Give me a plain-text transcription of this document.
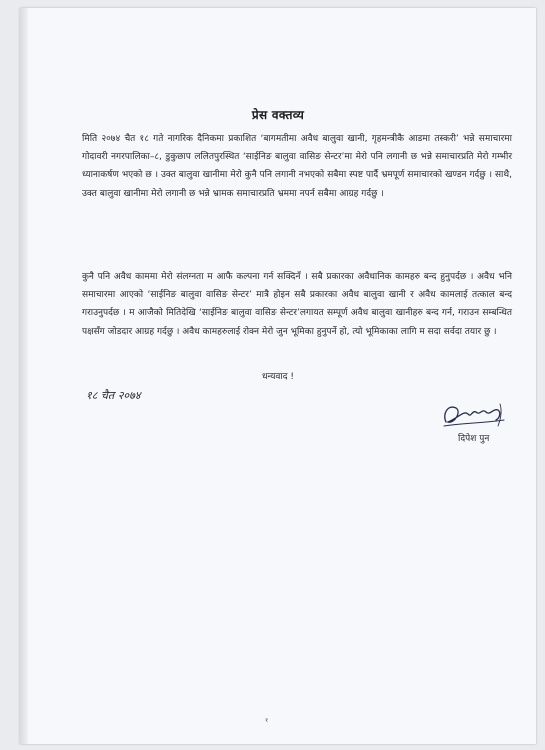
प्रेस वक्तव्य

मिति २०७४ चैत १८ गते नागरिक दैनिकमा प्रकाशित ‘बागमतीमा अवैध बालुवा खानी, गृहमन्त्रीकै आडमा तस्करी’ भन्ने समाचारमा गोदावरी नगरपालिका–८, डुकुछाप ललितपुरस्थित ‘साईनिङ बालुवा वासिङ सेन्टर’मा मेरो पनि लगानी छ भन्ने समाचारप्रति मेरो गम्भीर ध्यानाकर्षण भएको छ । उक्त बालुवा खानीमा मेरो कुनै पनि लगानी नभएको सबैमा स्पष्ट पार्दै भ्रमपूर्ण समाचारको खण्डन गर्दछु । साथै, उक्त बालुवा खानीमा मेरो लगानी छ भन्ने भ्रामक समाचारप्रति भ्रममा नपर्न सबैमा आग्रह गर्दछु ।

कुनै पनि अवैध काममा मेरो संलग्नता म आफै कल्पना गर्न सक्दिनँ । सबै प्रकारका अवैधानिक कामहरु बन्द हुनुपर्दछ । अवैध भनि समाचारमा आएको ‘साईनिङ बालुवा वासिङ सेन्टर’ मात्रै होइन सबै प्रकारका अवैध बालुवा खानी र अवैध कामलाई तत्काल बन्द गराउनुपर्दछ । म आजैको मितिदेखि ‘साईनिङ बालुवा वासिङ सेन्टर’लगायत सम्पूर्ण अवैध बालुवा खानीहरु बन्द गर्न, गराउन सम्बन्धित पक्षसँग जोडदार आग्रह गर्दछु । अवैध कामहरुलाई रोक्न मेरो जुन भूमिका हुनुपर्ने हो, त्यो भूमिकाका लागि म सदा सर्वदा तयार छु ।

धन्यवाद !
१८ चैत २०७४
दिपेश पुन
१
